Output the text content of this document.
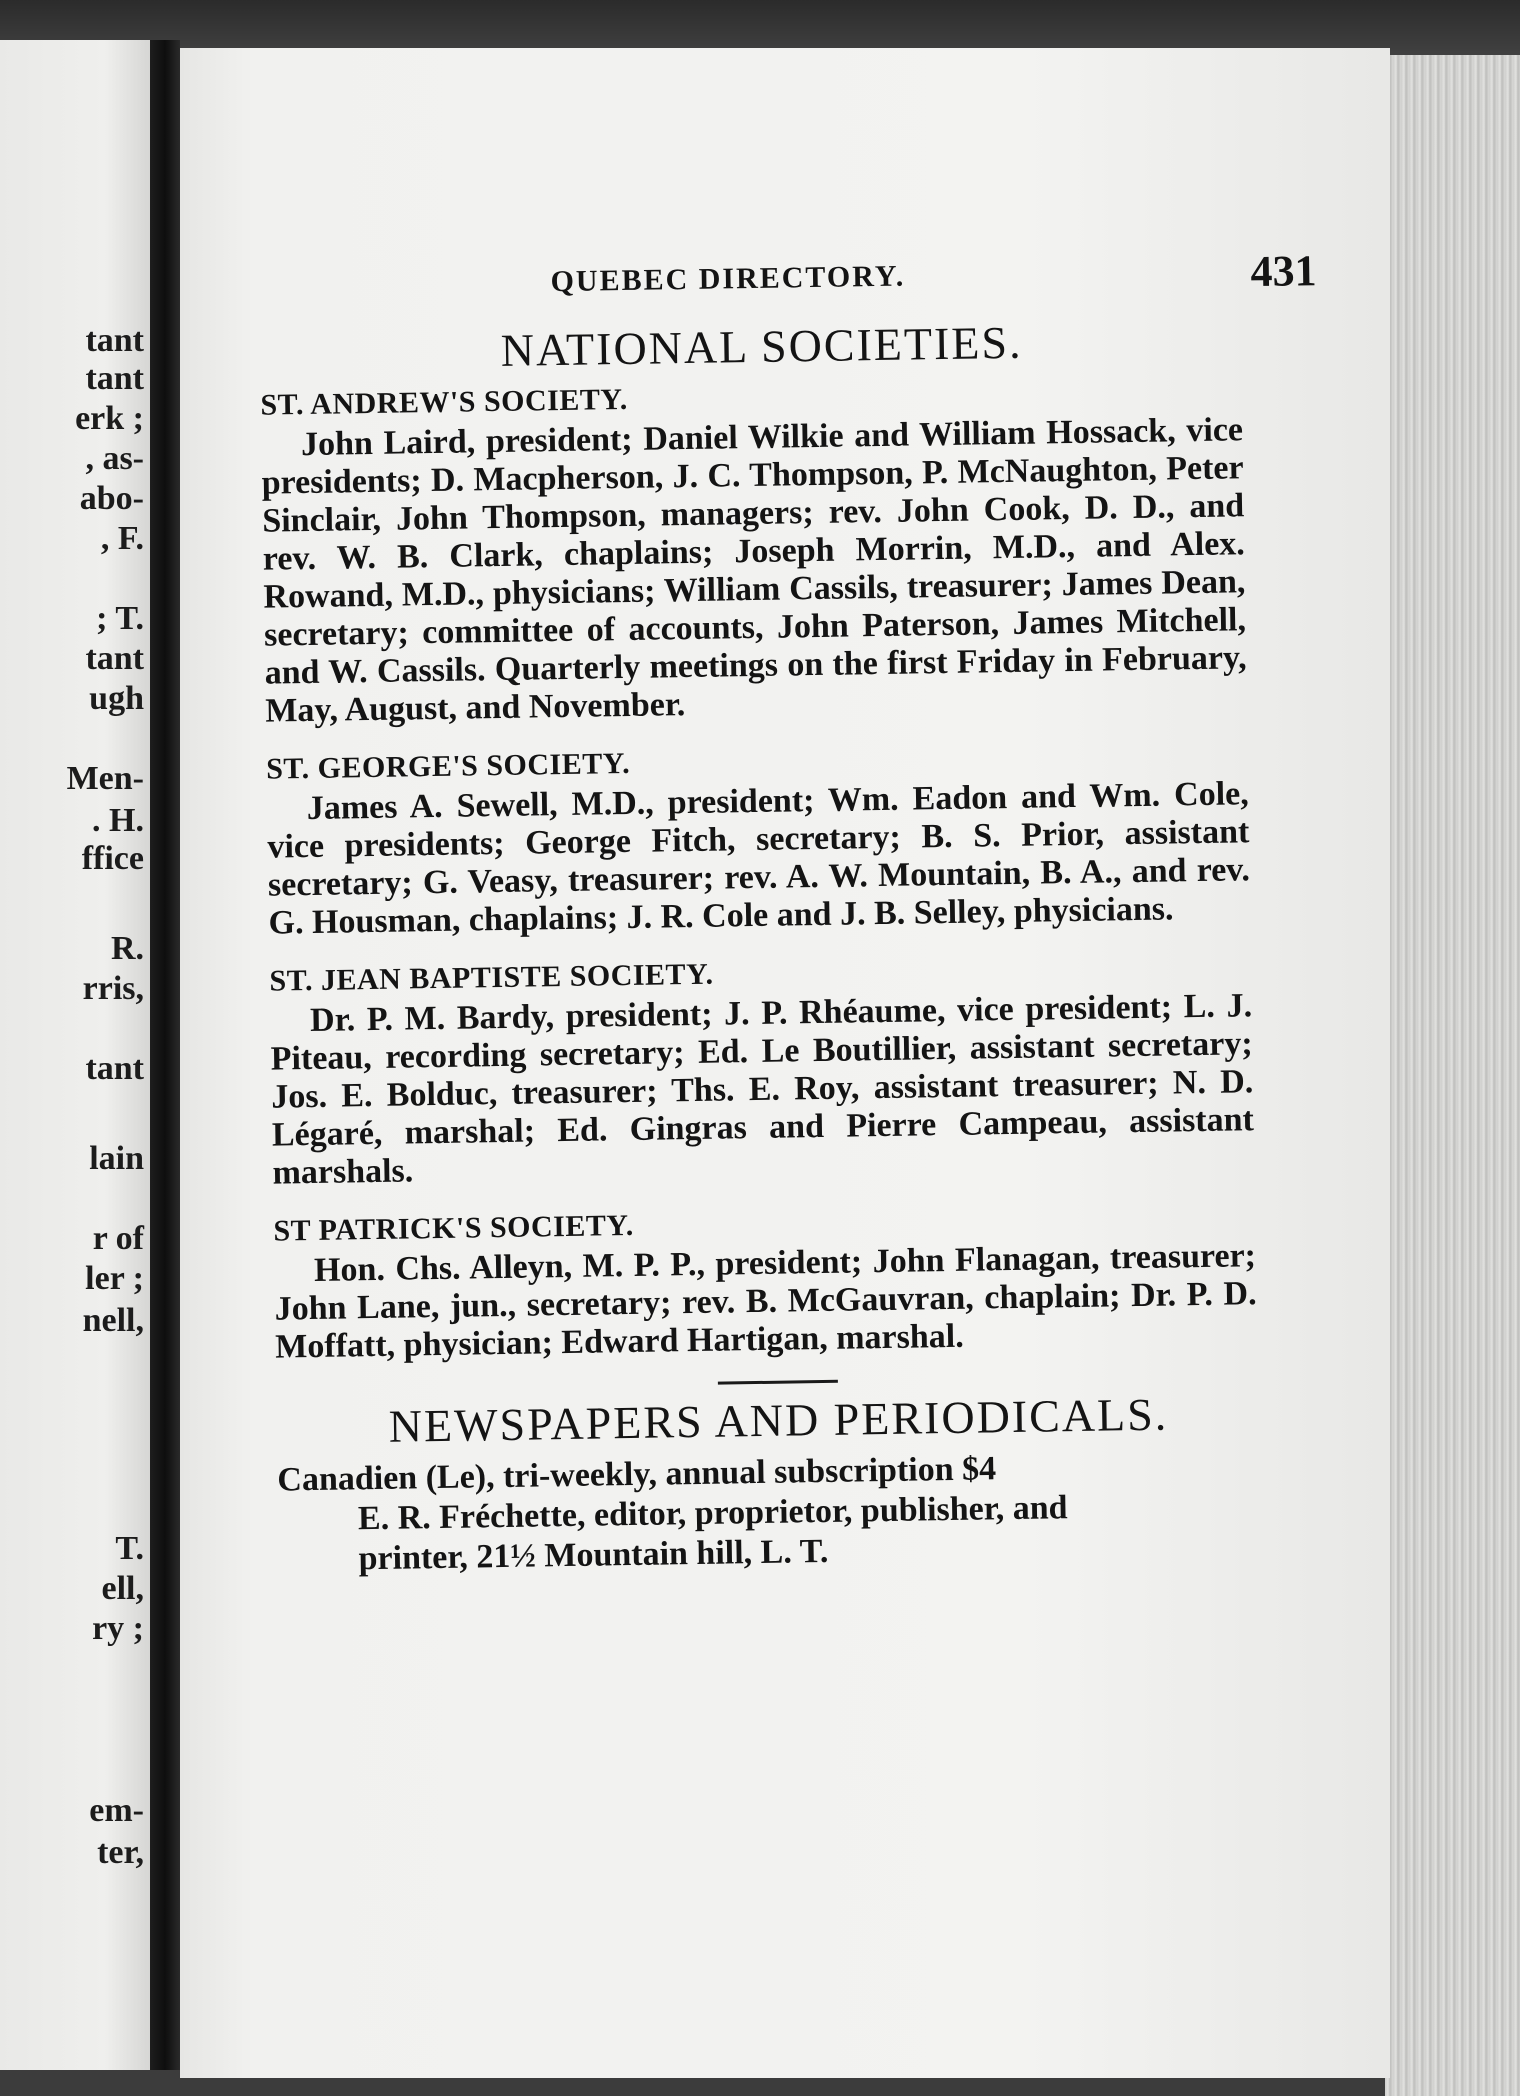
tant
tant
erk ;
, as-
abo-
, F.
; T.
tant
ugh
Men-
. H.
ffice
R.
rris,
tant
lain
r of
ler ;
nell,
T.
ell,
ry ;
em-
ter,
QUEBEC DIRECTORY.	431
NATIONAL SOCIETIES.
ST. ANDREW'S SOCIETY.

John Laird, president; Daniel Wilkie and William Hossack, vice presidents; D. Macpherson, J. C. Thompson, P. McNaughton, Peter Sinclair, John Thompson, managers; rev. John Cook, D. D., and rev. W. B. Clark, chaplains; Joseph Morrin, M.D., and Alex. Rowand, M.D., physicians; William Cassils, treasurer; James Dean, secretary; committee of accounts, John Paterson, James Mitchell, and W. Cassils. Quarterly meetings on the first Friday in February, May, August, and November.

ST. GEORGE'S SOCIETY.

James A. Sewell, M.D., president; Wm. Eadon and Wm. Cole, vice presidents; George Fitch, secretary; B. S. Prior, assistant secretary; G. Veasy, treasurer; rev. A. W. Mountain, B. A., and rev. G. Housman, chaplains; J. R. Cole and J. B. Selley, physicians.

ST. JEAN BAPTISTE SOCIETY.

Dr. P. M. Bardy, president; J. P. Rhéaume, vice president; L. J. Piteau, recording secretary; Ed. Le Boutillier, assistant secretary; Jos. E. Bolduc, treasurer; Ths. E. Roy, assistant treasurer; N. D. Légaré, marshal; Ed. Gingras and Pierre Campeau, assistant marshals.

ST PATRICK'S SOCIETY.

Hon. Chs. Alleyn, M. P. P., president; John Flanagan, treasurer; John Lane, jun., secretary; rev. B. McGauvran, chaplain; Dr. P. D. Moffatt, physician; Edward Hartigan, marshal.

NEWSPAPERS AND PERIODICALS.
Canadien (Le), tri-weekly, annual subscription $4
E. R. Fréchette, editor, proprietor, publisher, and
printer, 21½ Mountain hill, L. T.
